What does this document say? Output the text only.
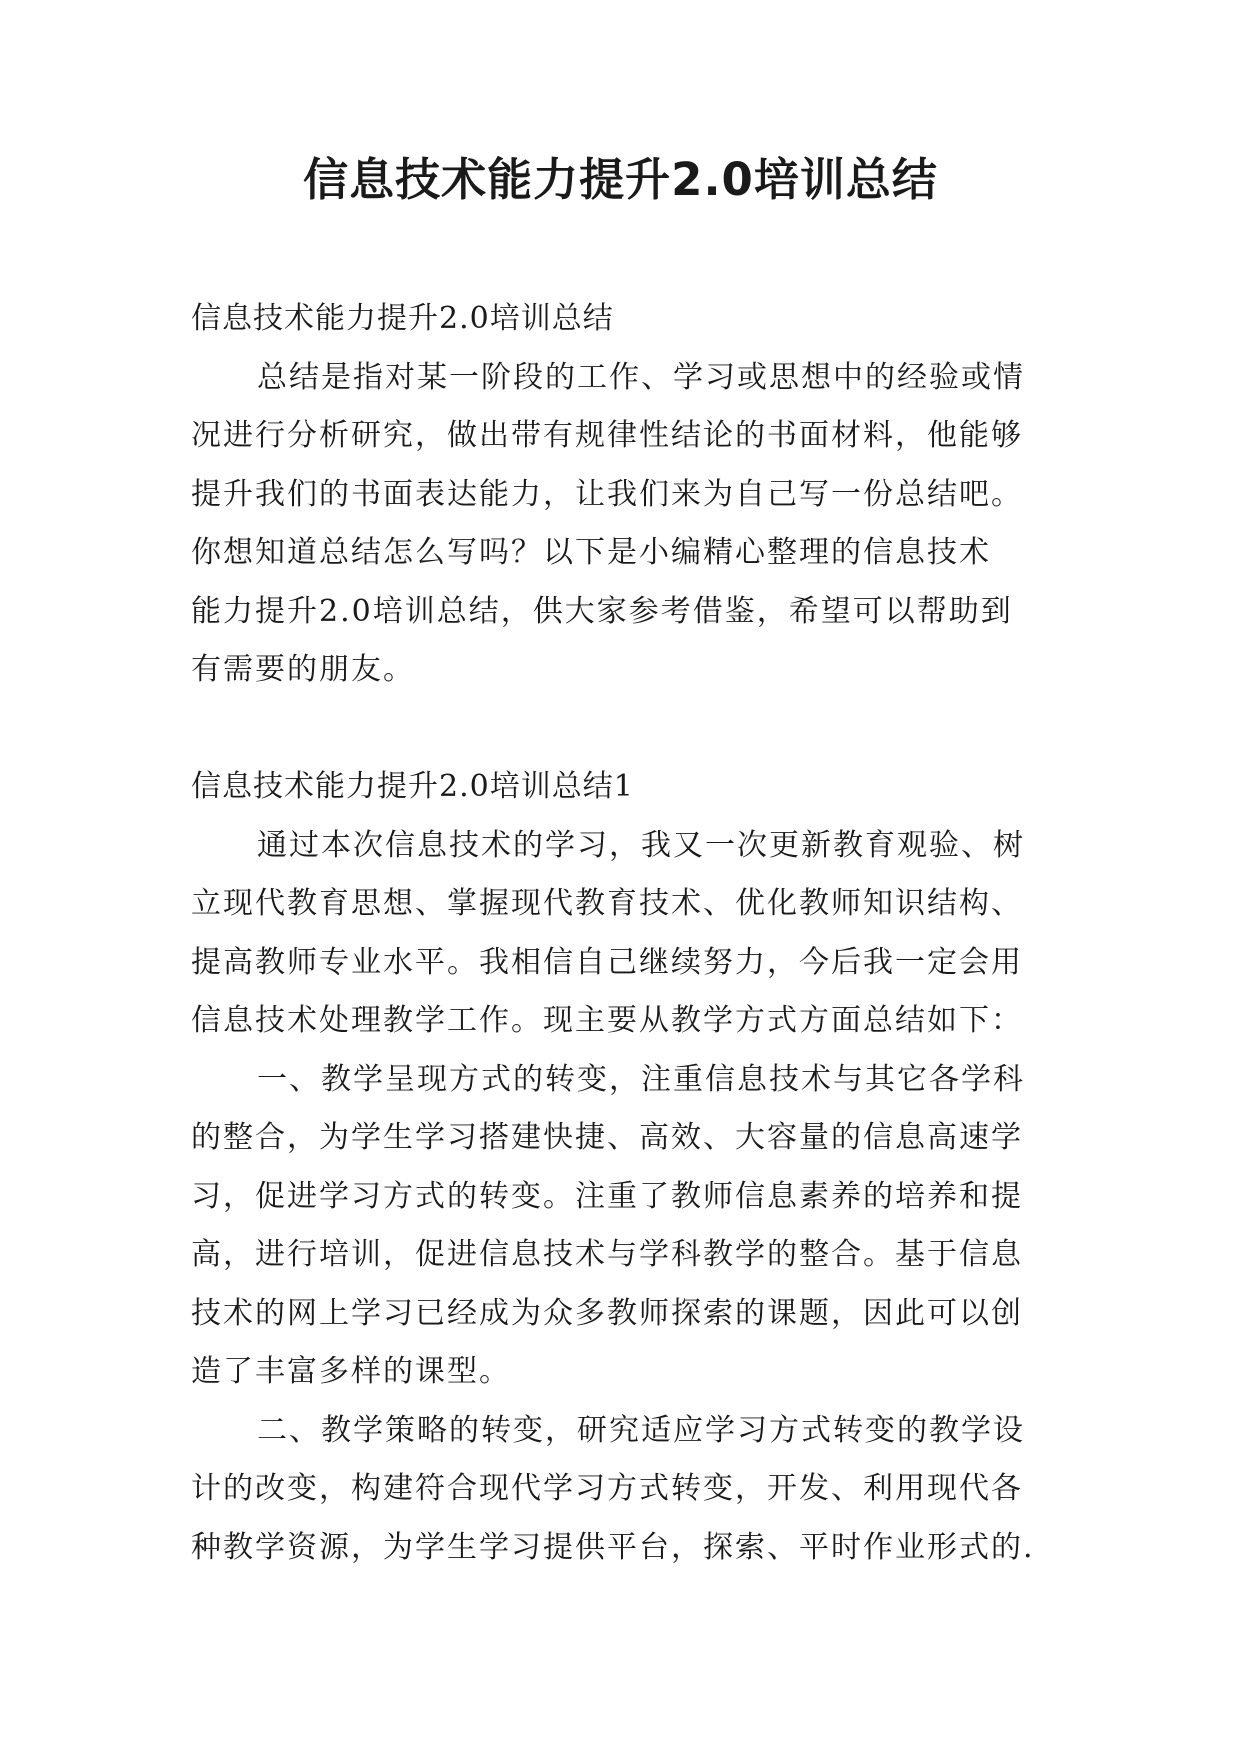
信息技术能力提升2.0培训总结

信息技术能力提升2.0培训总结

总结是指对某一阶段的工作、学习或思想中的经验或情

况进行分析研究，做出带有规律性结论的书面材料，他能够

提升我们的书面表达能力，让我们来为自己写一份总结吧。

你想知道总结怎么写吗？以下是小编精心整理的信息技术

能力提升2.0培训总结，供大家参考借鉴，希望可以帮助到

有需要的朋友。

信息技术能力提升2.0培训总结1

通过本次信息技术的学习，我又一次更新教育观验、树

立现代教育思想、掌握现代教育技术、优化教师知识结构、

提高教师专业水平。我相信自己继续努力，今后我一定会用

信息技术处理教学工作。现主要从教学方式方面总结如下：

一、教学呈现方式的转变，注重信息技术与其它各学科

的整合，为学生学习搭建快捷、高效、大容量的信息高速学

习，促进学习方式的转变。注重了教师信息素养的培养和提

高，进行培训，促进信息技术与学科教学的整合。基于信息

技术的网上学习已经成为众多教师探索的课题，因此可以创

造了丰富多样的课型。

二、教学策略的转变，研究适应学习方式转变的教学设

计的改变，构建符合现代学习方式转变，开发、利用现代各

种教学资源，为学生学习提供平台，探索、平时作业形式的.
